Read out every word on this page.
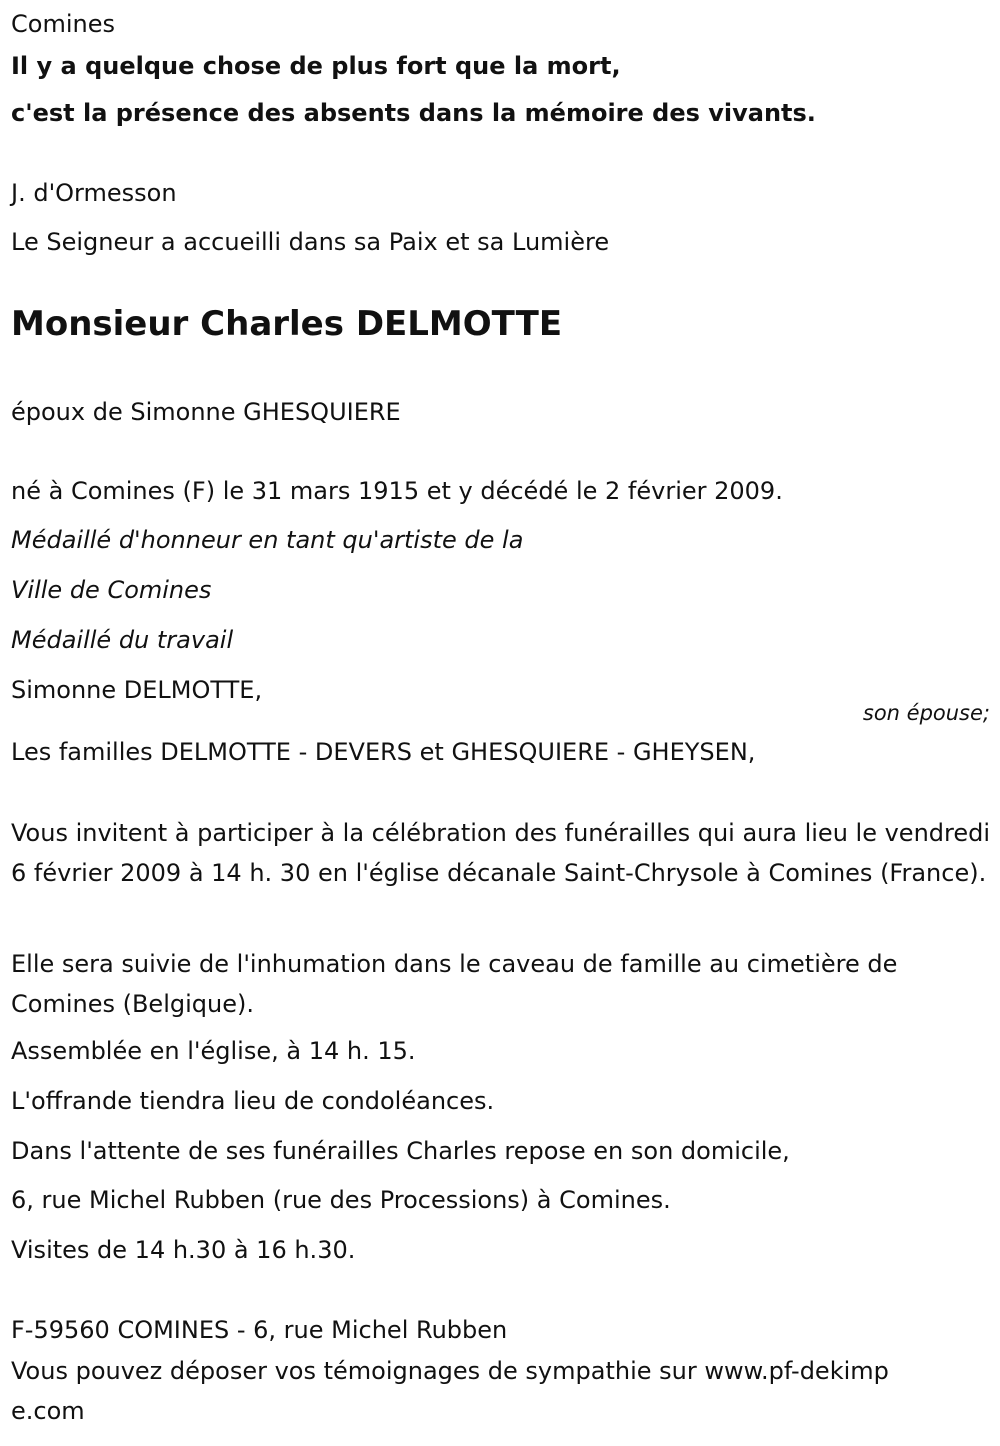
Comines

Il y a quelque chose de plus fort que la mort,

c'est la présence des absents dans la mémoire des vivants.

J. d'Ormesson

Le Seigneur a accueilli dans sa Paix et sa Lumière

Monsieur Charles DELMOTTE

époux de Simonne GHESQUIERE

né à Comines (F) le 31 mars 1915 et y décédé le 2 février 2009.

Médaillé d'honneur en tant qu'artiste de la

Ville de Comines

Médaillé du travail

Simonne DELMOTTE,

son épouse;

Les familles DELMOTTE - DEVERS et GHESQUIERE - GHEYSEN,

Vous invitent à participer à la célébration des funérailles qui aura lieu le vendredi 6 février 2009 à 14 h. 30 en l'église décanale Saint-Chrysole à Comines (France).

Elle sera suivie de l'inhumation dans le caveau de famille au cimetière de Comines (Belgique).

Assemblée en l'église, à 14 h. 15.

L'offrande tiendra lieu de condoléances.

Dans l'attente de ses funérailles Charles repose en son domicile,

6, rue Michel Rubben (rue des Processions) à Comines.

Visites de 14 h.30 à 16 h.30.

F-59560 COMINES - 6, rue Michel Rubben

Vous pouvez déposer vos témoignages de sympathie sur www.pf-dekimpe.com
